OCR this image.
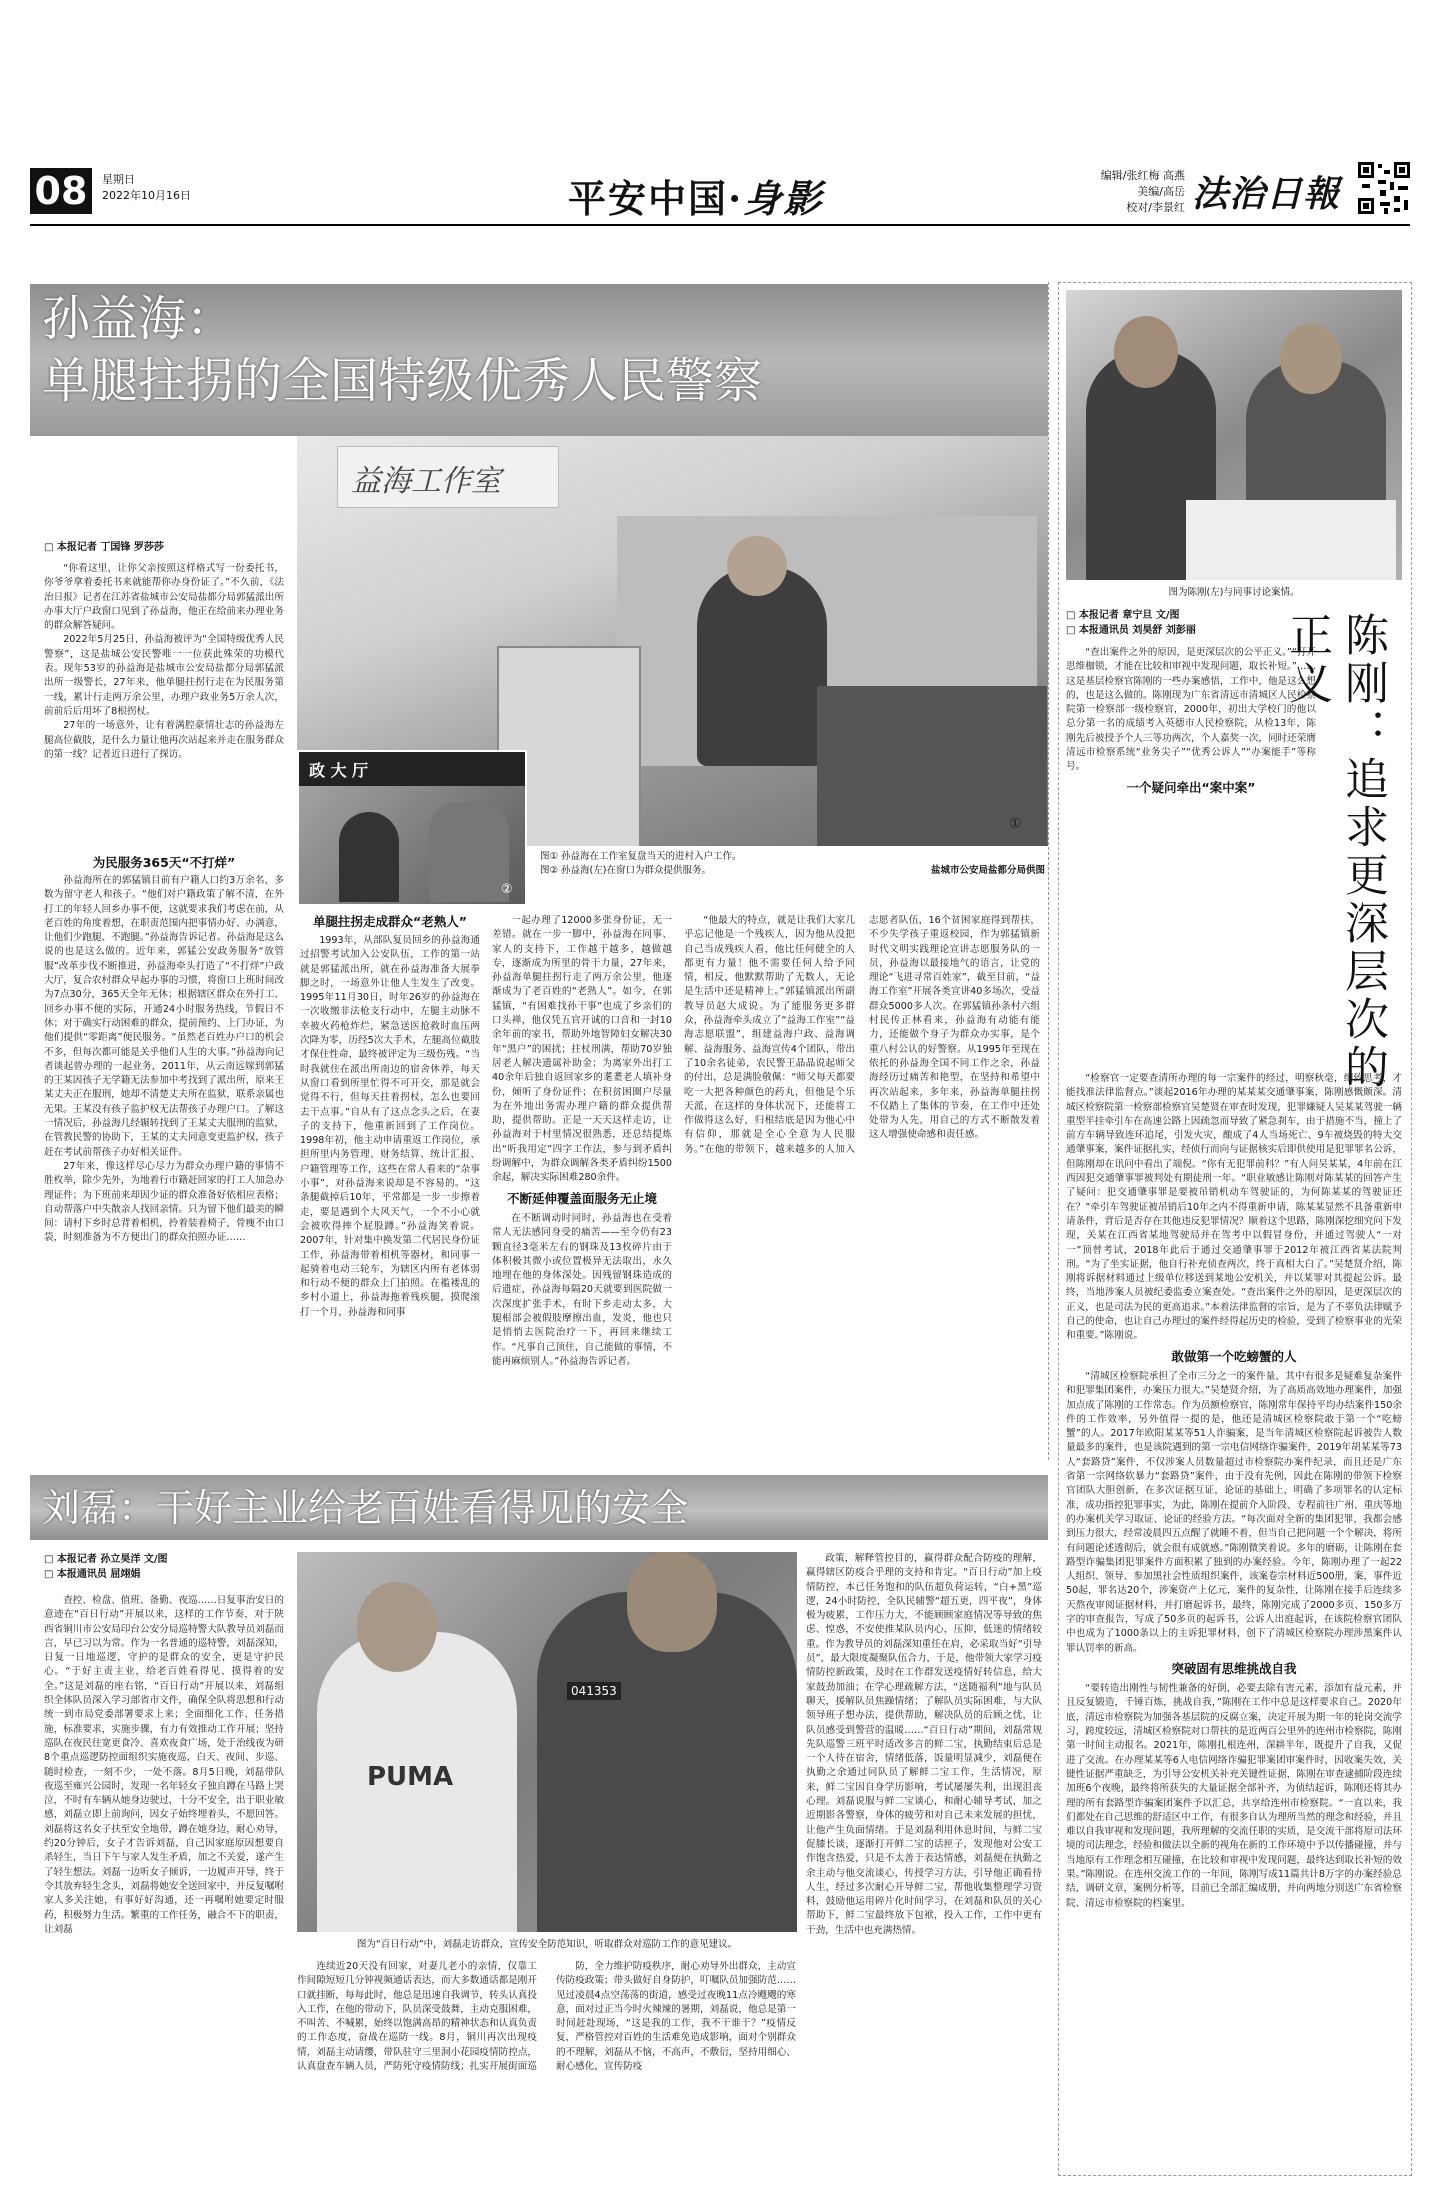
08	星期日
2022年10月16日	平安中国·身影
编辑/张红梅 高燕
美编/高岳
校对/李景红 法治日報
孙益海：
单腿拄拐的全国特级优秀人民警察
益海工作室
①
□ 本报记者 丁国锋 罗莎莎

“你看这里，让你父亲按照这样格式写一份委托书，你爷爷拿着委托书来就能帮你办身份证了。”不久前，《法治日报》记者在江苏省盐城市公安局盐都分局郭猛派出所办事大厅户政窗口见到了孙益海，他正在给前来办理业务的群众解答疑问。

2022年5月25日，孙益海被评为“全国特级优秀人民警察”，这是盐城公安民警唯一一位获此殊荣的功模代表。现年53岁的孙益海是盐城市公安局盐都分局郭猛派出所一级警长，27年来，他单腿拄拐行走在为民服务第一线，累计行走两万余公里，办理户政业务5万余人次，前前后后用坏了8根拐杖。

27年的一场意外，让有着满腔豪情壮志的孙益海左腿高位截肢，是什么力量让他再次站起来并走在服务群众的第一线？记者近日进行了探访。

政 大 厅
②
图① 孙益海在工作室复盘当天的进村入户工作。
图② 孙益海(左)在窗口为群众提供服务。	盐城市公安局盐都分局供图
为民服务365天“不打烊”

孙益海所在的郭猛镇目前有户籍人口约3万余名，多数为留守老人和孩子。“他们对户籍政策了解不清，在外打工的年轻人回乡办事不便，这就要求我们考虑在前，从老百姓的角度着想，在职责范围内把事情办好、办满意，让他们少跑腿、不跑腿。”孙益海告诉记者。孙益海是这么说的也是这么做的。近年来，郭猛公安政务服务“放管服”改革步伐不断推进，孙益海牵头打造了“不打烊”户政大厅，复合农村群众早起办事的习惯，将窗口上班时间改为7点30分，365天全年无休；根据辖区群众在外打工、回乡办事不便的实际，开通24小时服务热线，节假日不休；对于确实行动困难的群众，提前预约、上门办证，为他们提供“零距离”便民服务。“虽然老百姓办户口的机会不多，但每次都可能是关乎他们人生的大事。”孙益海向记者谈起曾办理的一起业务，2011年，从云南远嫁到郭猛的王某因孩子无学籍无法参加中考找到了派出所，原来王某丈夫正在服刑，她却不清楚丈夫所在监狱，联系亲属也无果。王某没有孩子监护权无法帮孩子办理户口。了解这一情况后，孙益海几经辗转找到了王某丈夫服刑的监狱，在管教民警的协助下，王某的丈夫同意变更监护权，孩子赶在考试前帮孩子办好相关证件。

27年来，像这样尽心尽力为群众办理户籍的事情不胜枚举，除少先外，为地着行市籍赶回家的打工人加急办理证件；为下班前来却因少证的群众准备好依相应表格；自动帮落户中失散亲人找回亲情。只为留下他们最美的瞬间：请村下乡时总背着相机，拎着装着椅子，骨瘦不由口袋，时刻准备为不方便出门的群众拍照办证……

单腿拄拐走成群众“老熟人”

1993年，从部队复员回乡的孙益海通过招警考试加入公安队伍，工作的第一站就是郭猛派出所，就在孙益海准备大展拳脚之时，一场意外让他人生发生了改变。1995年11月30日，时年26岁的孙益海在一次收缴非法枪支行动中，左腿主动脉不幸被火药枪炸烂，紧急送医抢救时血压两次降为零，历经5次大手术，左腿高位截肢才保住性命，最终被评定为三级伤残。“当时我就住在派出所南边的宿舍休养，每天从窗口看到所里忙得不可开交，那是就会觉得不行，但每天拄着拐杖，怎么也要回去干点事。”自从有了这点念头之后，在妻子的支持下，他重新回到了工作岗位。1998年初，他主动申请重返工作岗位，承担所里内务管理、财务结算、统计汇报、户籍管理等工作，这些在常人看来的“杂事小事”，对孙益海来说却是不容易的。“这条腿截掉后10年，平常都是一步一步擦着走，要是遇到个大风天气，一个不小心就会被吹得摔个屁股蹲。”孙益海笑着说。2007年，针对集中换发第二代居民身份证工作，孙益海带着相机等器材，和同事一起骑着电动三轮车，为辖区内所有老体弱和行动不便的群众上门拍照。在褴褛乱的乡村小道上，孙益海拖着残疾腿，摸爬滚打一个月，孙益海和同事

一起办理了12000多张身份证，无一差错。就在一步一脚中，孙益海在同事、家人的支持下，工作越干越多，越做越专，逐渐成为所里的骨干力量，27年来，孙益海单腿拄拐行走了两万余公里，他逐渐成为了老百姓的“老熟人”。如今，在郭猛镇，“有困难找孙干事”也成了乡亲们的口头禅，他仅凭五官开诚的口音和一封10余年前的家书，帮助外地智障妇女解决30年“黑户”的困扰；拄杖刑满，帮助70岁独居老人解决遗属补助金；为离家外出打工40余年后独自返回家乡的耄耋老人填补身份，倾听了身份证件；在积贫困圈户尽量为在外地出务需办理户籍的群众提供帮助，提供帮助。正是一天天这样走访，让孙益海对于村里情况很熟悉，还总结提炼出“听我用定”四字工作法，参与到矛盾纠纷调解中，为群众调解各类矛盾纠纷1500余起，解决实际困难280余件。

不断延伸覆盖面服务无止境

在不断调动时同时，孙益海也在受着常人无法感同身受的痛苦——至今仍有23颗直径3毫米左右的钢珠及13枚碎片由于体积极其微小或位置极异无法取出，永久地埋在他的身体深处。因残留钢珠造成的后遗症，孙益海每隔20天就要到医院做一次深度扩张手术，有时下乡走动太多，大腿根部会被假肢摩擦出血，发炎，他也只是悄悄去医院治疗一下，再回来继续工作。“凡事自己顶住，自己能做的事情，不能再麻烦别人。”孙益海告诉记者。

“他最大的特点，就是让我们大家几乎忘记他是一个残疾人，因为他从没把自己当成残疾人看，他比任何健全的人都更有力量！他不需要任何人给予同情，相反，他默默帮助了无数人，无论是生活中还是精神上。”郭猛镇派出所副教导员赵大成说。为了能服务更多群众，孙益海牵头成立了“益海工作室”“益海志愿联盟”，组建益海户政、益海调解、益海服务、益海宣传4个团队，带出了10余名徒弟，农民警王晶晶说起师父的付出，总是满脸敬佩：“师父每天都要吃一大把各种颜色的药丸，但他是个乐天派，在这样的身体状况下，还能将工作做得这么好，归根结底是因为他心中有信仰，那就是全心全意为人民服务。”在他的带领下，越来越多的人加入志愿者队伍，16个贫困家庭得到帮扶，不少失学孩子重返校园，作为郭猛镇新时代文明实践理论宣讲志愿服务队的一员，孙益海以最接地气的语言，让党的理论“飞进寻常百姓家”，截至目前，“益海工作室”开展各类宣讲40多场次，受益群众5000多人次。在郭猛镇孙条村六组村民传正林看来，孙益海有动能有能力，还能做个身子为群众办实事，是个重八村公认的好警察。从1995年至现在依托的孙益海全国不同工作之余，孙益海经历过痛苦和艳型，在坚持和希望中再次站起来，多年来，孙益海单腿拄拐不仅踏上了集体的节奏，在工作中还处处带为人先，用自己的方式不断散发着这人增强使命感和责任感。

刘磊：干好主业给老百姓看得见的安全
□ 本报记者 孙立昊洋 文/图
□ 本报通讯员 屈翊娟

查控、检盘、值班、备勤、夜巡……日复事治安日的意迹在“百日行动”开展以来，这样的工作节奏，对于陕西省铜川市公安局印台公安分局巡特警大队教导员刘磊而言，早已习以为常。作为一名普通的巡特警，刘磊深知，日复一日地巡逻，守护的是群众的安全，更是守护民心。“于好主责主业，给老百姓看得见、摸得着的安全。”这是刘磊的座右铭，“百日行动”开展以来，刘磊组织全体队员深入学习部省市文件，确保全队将思想和行动统一到市局党委部署要求上来；全面细化工作、任务措施，标准要求，实施步骤，有力有效推动工作开展；坚持巡队在夜民往宽更食冷、喜欢夜食广场，处于治线夜为研8个重点巡逻防控面组织实施夜巡，白天、夜间、步巡、随时检查，一刻不少，一处不落。8月5日晚，刘磊带队夜巡至雍兴公园时，发现一名年轻女子独自蹲在马路上哭泣，不时有车辆从她身边驶过，十分不安全，出于职业敏感，刘磊立即上前询问，因女子始终埋着头，不愿回答。刘磊将这名女子扶至安全地带，蹲在她身边，耐心劝导，约20分钟后，女子才告诉刘磊，自己因家庭原因想要自杀轻生，当日下午与家人发生矛盾，加之不关爱，遂产生了轻生想法。刘磊一边听女子倾诉，一边履声开导，终于令其放弃轻生念头，刘磊将她安全送回家中，并反复嘱咐家人多关注她，有事好好沟通，还一再嘱咐她要定时服药，积极努力生活。繁重的工作任务，融合不下的职责，让刘磊

PUMA
041353
图为“百日行动”中，刘磊走访群众，宣传安全防范知识，听取群众对巡防工作的意见建议。

连续近20天没有回家，对妻儿老小的亲情，仅靠工作间隙短短几分钟视频通话表达，而大多数通话都是刚开口就挂断，每每此时，他总是迅速自我调节，转头认真投入工作，在他的带动下，队员深受鼓舞，主动克服困难，不叫苦、不喊累，始终以饱满高昂的精神状态和认真负责的工作态度，奋战在巡防一线。8月，铜川再次出现疫情，刘磊主动请缨，带队驻守三里洞小花园疫情防控点，认真盘查车辆人员，严防死守疫情防线；扎实开展街面巡

防，全力维护防疫秩序，耐心劝导外出群众，主动宣传防疫政策；带头做好自身防护，叮嘱队员加强防范……见过凌晨4点空荡荡的街道，感受过夜晚11点冷飕飕的寒意，面对过正当今时火辣辣的暑期，刘磊说，他总是第一时间赶赴现场，“这是我的工作，我不干谁干？”疫情反复，严格管控对百姓的生活难免造成影响，面对个别群众的不理解，刘磊从不恼，不高声，不敷衍，坚持用细心、耐心感化，宣传防疫

政策，解释管控目的，赢得群众配合防疫的理解，赢得辖区防疫合乎理的支持和肯定。“百日行动”加上疫情防控，本已任务饱和的队伍超负荷运转，“白+黑”巡逻，24小时防控，全队民辅警“超五更，四平夜”，身体极为疲累，工作压力大，不能顾顾家庭情况等导致的焦虑、惶惑，不安使推某队员内心，压抑，低迷的情绪较重。作为教导员的刘磊深知重任在肩，必采取当好“引导员”，最大限度凝聚队伍合力，于是，他带领大家学习疫情防控新政策，及时在工作群发送疫情好转信息，给大家鼓劲加油；在学心理疏解方法，“送随福利”地与队员聊天，援解队员焦躁情绪；了解队员实际困难，与大队领导班子想办法，提供帮助，解决队员的后顾之忧，让队员感受到警营的温暖……“百日行动”期间，刘磊常规先队巡警三班平时适改多言的鲜二宝，执勤结束后总是一个人待在宿舍，情绪低落，饭量明显减少，刘磊便在执勤之余通过同队员了解鲜二宝工作，生活情况，原来，鲜二宝因自身学历影响，考试屡屡失利，出现沮丧心理。刘磊说服与鲜二宝谈心，和耐心辅导考试，加之近期影各警察，身体的疲劳和对自己未来发展的担忧，让他产生负面情绪。于是刘磊利用休息时间，与鲜二宝促膝长谈，逐渐打开鲜二宝的话匣子，发现他对公安工作饱含热爱，只是不太善于表达情感，刘磊便在执勤之余主动与他交流谈心，传授学习方法，引导他正确看待人生，经过多次耐心开导鲜二宝，帮他收集整理学习资料，鼓励他运用碎片化时间学习，在刘磊和队员的关心帮助下，鲜二宝最终放下包袱，投入工作，工作中更有干劲，生活中也充满热情。

图为陈刚(左)与同事讨论案情。
□ 本报记者 章宁旦 文/图
□ 本报通讯员 刘昊舒 刘彭丽	陈刚：追求更深层次的正义

“查出案件之外的原因，是更深层次的公平正义。”“打开思维枷锁，才能在比较和审视中发现问题，取长补短。”……这是基层检察官陈刚的一些办案感悟，工作中，他是这么想的，也是这么做的。陈刚现为广东省清远市清城区人民检察院第一检察部一级检察官，2000年，初出大学校门的他以总分第一名的成绩考入英德市人民检察院，从检13年，陈刚先后被授予个人三等功两次，个人嘉奖一次，同时还荣膺清远市检察系统“业务尖子”“优秀公诉人”“办案能手”等称号。

一个疑问牵出“案中案”

“检察官一定要查清所办理的每一宗案件的经过，明察秋毫，细致思考，才能找准法律监督点。”谈起2016年办理的某某某交通肇事案，陈刚感慨颇深。清城区检察院第一检察部检察官吴楚贤在审查时发现，犯罪嫌疑人吴某某驾驶一辆重型半挂牵引车在高速公路上因疏忽而导致了紧急刹车，由于措施不当，撞上了前方车辆导致连环追尾，引发火灾，酿成了4人当场死亡、9车被烧毁的特大交通肇事案，案件证据扎实，经侦行而向与证据核实后即供使用是犯罪罪名公诉，但陈刚却在讯问中看出了端倪。“你有无犯罪前科？”有人问吴某某，4年前在江西因犯交通肇事罪被判处有期徒刑一年。“职业敏感让陈刚对陈某某的回答产生了疑问：犯交通肇事罪是要被吊销机动车驾驶证的，为何陈某某的驾驶证还在？”牵引车驾驶证被吊销后10年之内不得重新申请，陈某某显然不具备重新申请条件，背后是否存在其他违反犯罪情况？顺着这个思路，陈刚深挖细究问下发现，关某在江西省某地驾驶局并在驾考中以假冒身份，并通过驾驶人“一对一”顶替考试，2018年此后于通过交通肇事罪于2012年被江西省某法院判刑。“为了坐实证据，他自行补充侦查两次，终于真相大白了。”吴楚贤介绍，陈刚将诉据材料通过上级单位移送到某地公安机关，并以某罪对其提起公诉。最终，当地涉案人员被纪委监委立案查处。“查出案件之外的原因，是更深层次的正义，也是司法为民的更高追求。”本着法律监督的宗旨，是为了不辜负法律赋予自己的使命，也让自己办理过的案件经得起历史的检验，受到了检察事业的光荣和重要。”陈刚说。

敢做第一个吃螃蟹的人

“清城区检察院承担了全市三分之一的案件量，其中有很多是疑难复杂案件和犯罪集团案件，办案压力很大。”吴楚贤介绍，为了高质高效地办理案件，加强加点成了陈刚的工作常态。作为员额检察官，陈刚常年保持平均办结案件150余件的工作效率，另外值得一提的是，他还是清城区检察院敢于第一个“吃螃蟹”的人。2017年欧阳某某等51人诈骗案，是当年清城区检察院起诉被告人数量最多的案件，也是该院遇到的第一宗电信网络诈骗案件，2019年胡某某等73人“套路贷”案件，不仅涉案人员数量超过市检察院办案件纪录，而且还是广东省第一宗网络软暴力“套路贷”案件，由于没有先例，因此在陈刚的带领下检察官团队大胆创新，在多次证据互证，论证的基础上，明确了多项罪名的认定标准，成功指控犯罪事实，为此，陈刚在提前介入阶段、专程前往广州、重庆等地的办案机关学习取证、论证的经验方法。“每次面对全新的集团犯罪，我都会感到压力很大，经常凌晨四五点醒了就睡不着，但当自己把问题一个个解决，将所有问题论述透彻后，就会很有成就感。”陈刚微笑着说。多年的磨砺，让陈刚在套路型诈骗集团犯罪案件方面积累了独到的办案经验。今年，陈刚办理了一起22人组织、领导、参加黑社会性质组织案件，该案卷宗材料近500册，案，事件近50起，罪名达20个，涉案资产上亿元，案件的复杂性，让陈刚在接手后连续多天熬夜审阅证据材料，并打磨起诉书，最终，陈刚完成了2000多页、150多万字的审查报告，写成了50多页的起诉书，公诉人出庭起诉，在该院检察官团队中也成为了1000条以上的主诉犯罪材料，创下了清城区检察院办理涉黑案件认罪认罚率的新高。

突破固有思维挑战自我

“要转造出刚性与韧性兼备的好倒，必要去除有害元素，添加有益元素，并且反复锻造，千锤百炼，挑战自我，”陈刚在工作中总是这样要求自己。2020年底，清远市检察院为加强各基层院的反腐立案，决定开展为期一年的轮岗交流学习，跨度较远，清城区检察院对口帮扶的是近两百公里外的连州市检察院，陈刚第一时间主动报名。2021年，陈刚扎根连州，深耕半年，既提升了自我，又促进了交流。在办理某某等6人电信网络诈骗犯罪案团审案件时，因收案失效，关键性证据严重缺乏，为引导公安机关补充关键性证据，陈刚在审查逮捕阶段连续加班6个夜晚，最终将所获失的大量证据全部补齐，为侦结起诉，陈刚还将其办理的所有套路型诈骗案团案件予以汇总，共享给连州市检察院。“一直以来，我们都处在自己思维的舒适区中工作，有很多自认为理所当然的理念和经验，并且难以自我审视和发现问题，我所理解的交流任职的实质，是交流干部将原司法环境的司法理念，经验和做法以全新的视角在新的工作环境中予以传播碰撞，并与当地原有工作理念相互碰撞，在比较和审视中发现问题，最终达到取长补短的效果。”陈刚说。在连州交流工作的一年间，陈刚写成11篇共计8万字的办案经验总结，调研文章，案例分析等，目前已全部汇编成册，并向两地分别送广东省检察院、清远市检察院的档案里。
